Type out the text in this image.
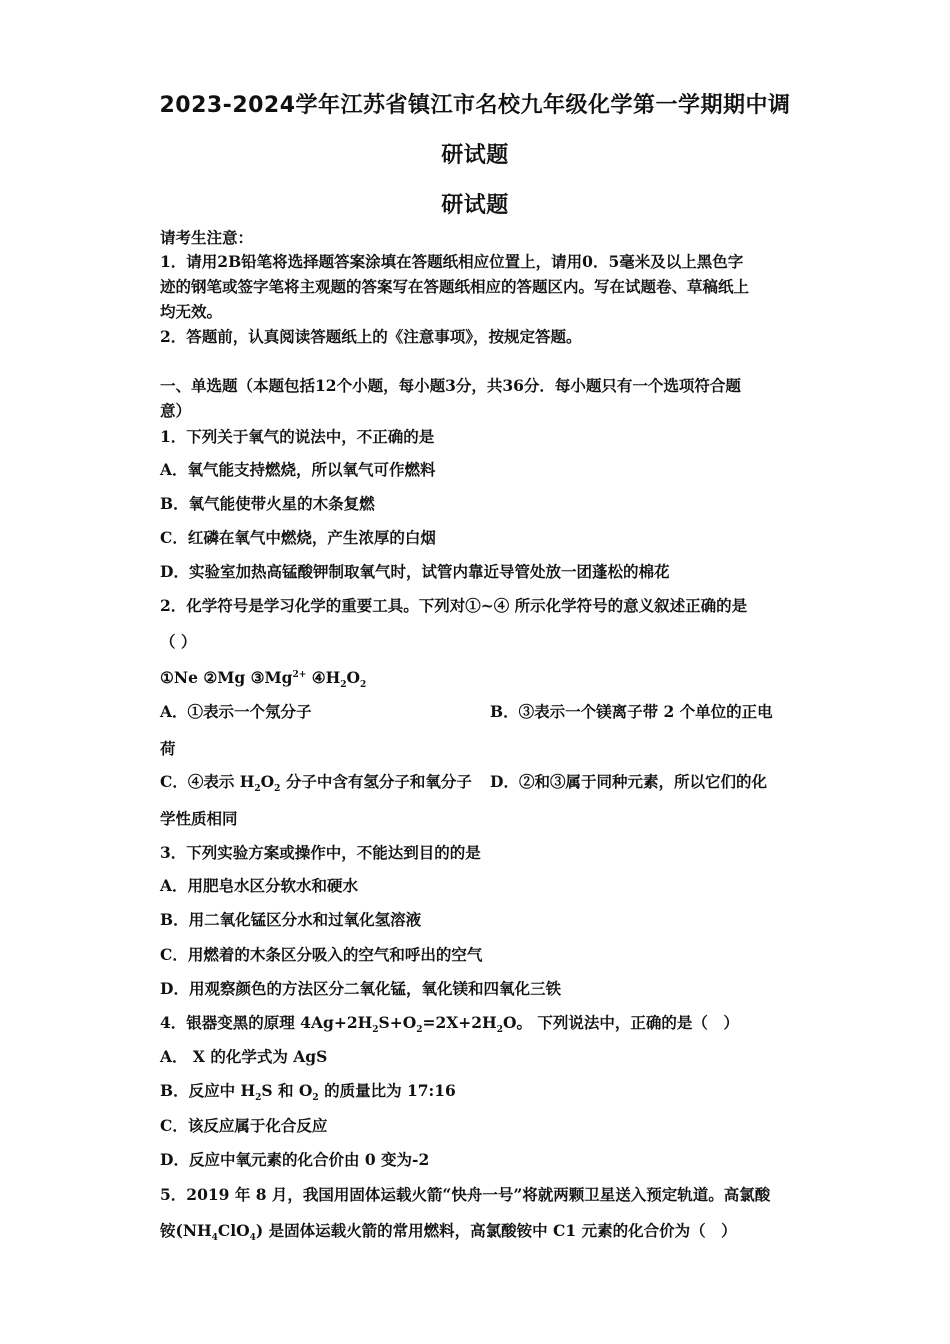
2023-2024学年江苏省镇江市名校九年级化学第一学期期中调
研试题
研试题
请考生注意：
1．请用2B铅笔将选择题答案涂填在答题纸相应位置上，请用0．5毫米及以上黑色字
迹的钢笔或签字笔将主观题的答案写在答题纸相应的答题区内。写在试题卷、草稿纸上
均无效。
2．答题前，认真阅读答题纸上的《注意事项》，按规定答题。
一、单选题（本题包括12个小题，每小题3分，共36分．每小题只有一个选项符合题
意）
1．下列关于氧气的说法中，不正确的是
A．氧气能支持燃烧，所以氧气可作燃料
B．氧气能使带火星的木条复燃
C．红磷在氧气中燃烧，产生浓厚的白烟
D．实验室加热高锰酸钾制取氧气时，试管内靠近导管处放一团蓬松的棉花
2．化学符号是学习化学的重要工具。下列对①~④ 所示化学符号的意义叙述正确的是
（ ）
①Ne ②Mg $③Mg^{2+}$ $④H_2O_2$
A．①表示一个氖分子	B．③表示一个镁离子带 2 个单位的正电
荷
C．④表示 $H_2O_2$ 分子中含有氢分子和氧分子 D．②和③属于同种元素，所以它们的化
学性质相同
3．下列实验方案或操作中，不能达到目的的是
A．用肥皂水区分软水和硬水
B．用二氧化锰区分水和过氧化氢溶液
C．用燃着的木条区分吸入的空气和呼出的空气
D．用观察颜色的方法区分二氧化锰，氧化镁和四氧化三铁
4．银器变黑的原理 $4Ag+2H_2S+O_2=2X+2H_2O$。 下列说法中，正确的是（　）
A． X 的化学式为 AgS
B．反应中 $H_2S$ 和 $O_2$ 的质量比为 17:16
C．该反应属于化合反应
D．反应中氧元素的化合价由 0 变为-2
5．2019 年 8 月，我国用固体运载火箭“快舟一号”将就两颗卫星送入预定轨道。高氯酸
铵$(NH_4ClO_4)$ 是固体运载火箭的常用燃料，高氯酸铵中 C1 元素的化合价为（　）
